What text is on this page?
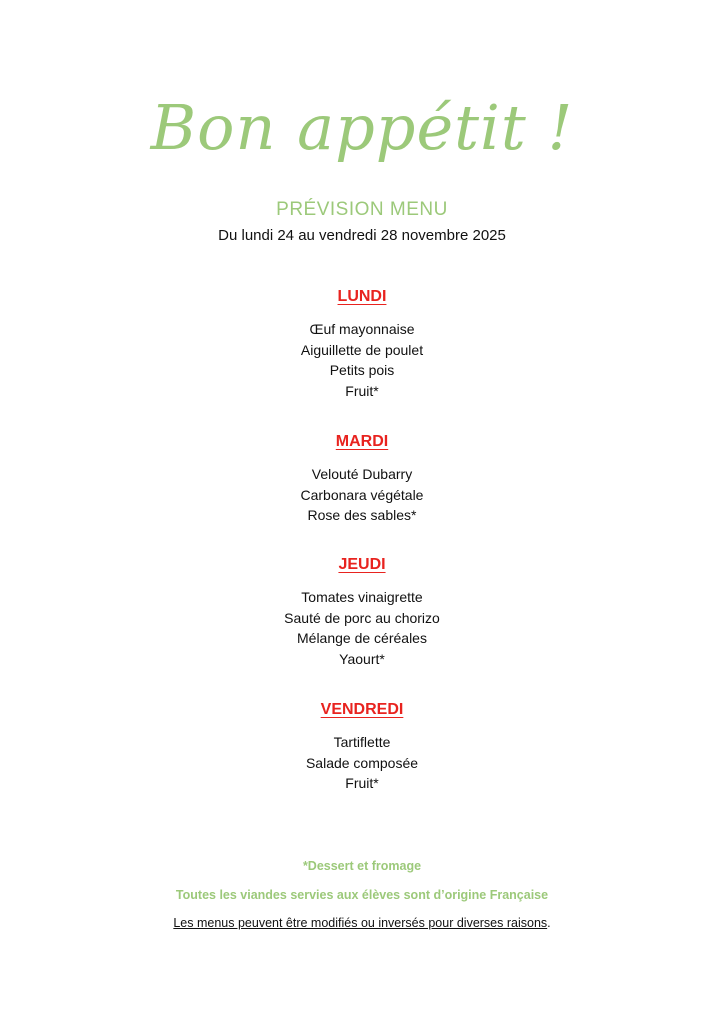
Bon appétit !
PRÉVISION MENU
Du lundi 24 au vendredi 28 novembre 2025
LUNDI
Œuf mayonnaise
Aiguillette de poulet
Petits pois
Fruit*
MARDI
Velouté Dubarry
Carbonara végétale
Rose des sables*
JEUDI
Tomates vinaigrette
Sauté de porc au chorizo
Mélange de céréales
Yaourt*
VENDREDI
Tartiflette
Salade composée
Fruit*
*Dessert et fromage
Toutes les viandes servies aux élèves sont d’origine Française
Les menus peuvent être modifiés ou inversés pour diverses raisons.
